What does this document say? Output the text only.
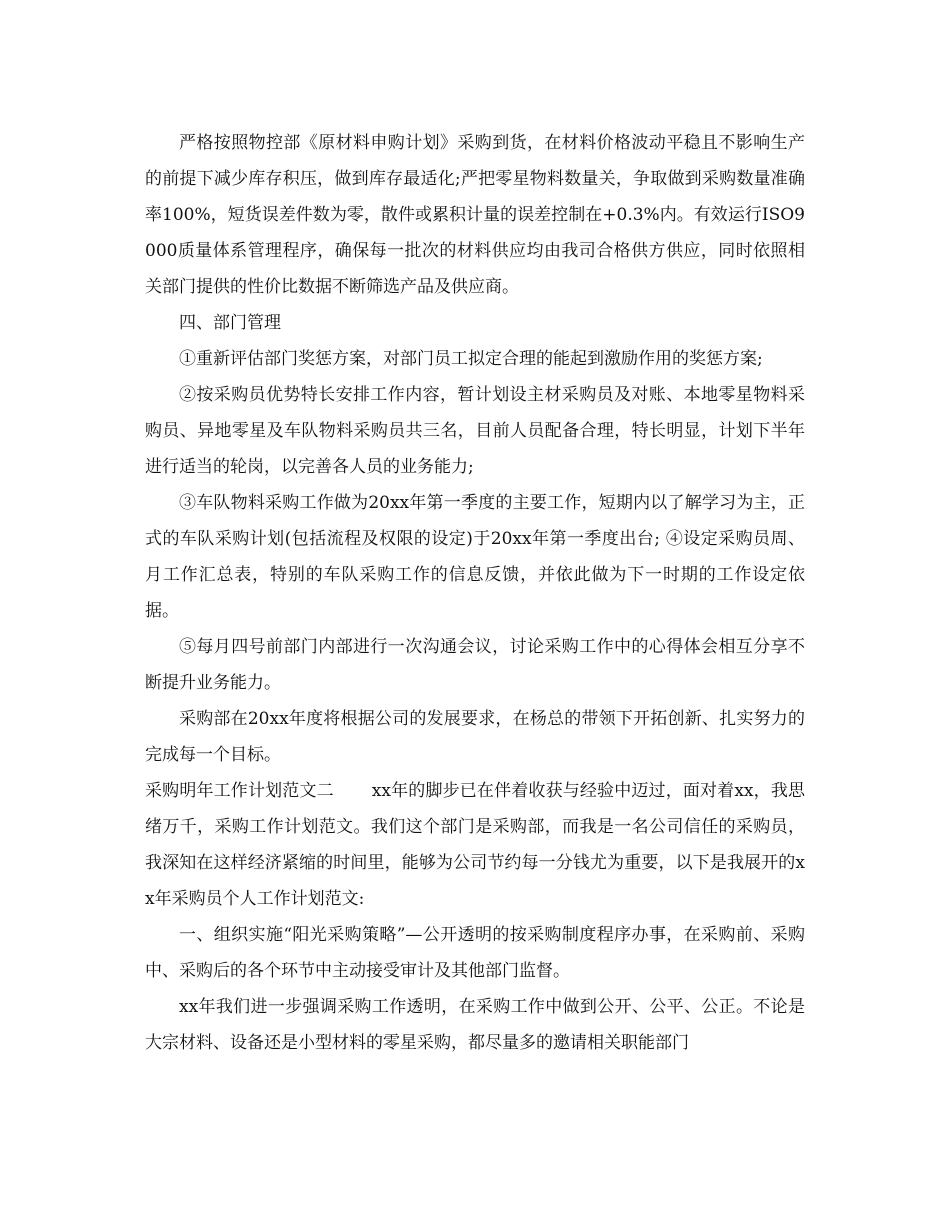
严格按照物控部《原材料申购计划》采购到货，在材料价格波动平稳且不影响生产的前提下减少库存积压，做到库存最适化;严把零星物料数量关，争取做到采购数量准确率100%，短货误差件数为零，散件或累积计量的误差控制在+0.3%内。有效运行ISO9000质量体系管理程序，确保每一批次的材料供应均由我司合格供方供应，同时依照相关部门提供的性价比数据不断筛选产品及供应商。

四、部门管理

①重新评估部门奖惩方案，对部门员工拟定合理的能起到激励作用的奖惩方案;

②按采购员优势特长安排工作内容，暂计划设主材采购员及对账、本地零星物料采购员、异地零星及车队物料采购员共三名，目前人员配备合理，特长明显，计划下半年进行适当的轮岗，以完善各人员的业务能力;

③车队物料采购工作做为20xx年第一季度的主要工作，短期内以了解学习为主，正式的车队采购计划(包括流程及权限的设定)于20xx年第一季度出台; ④设定采购员周、月工作汇总表，特别的车队采购工作的信息反馈，并依此做为下一时期的工作设定依据。

⑤每月四号前部门内部进行一次沟通会议，讨论采购工作中的心得体会相互分享不断提升业务能力。

采购部在20xx年度将根据公司的发展要求，在杨总的带领下开拓创新、扎实努力的完成每一个目标。

采购明年工作计划范文二 xx年的脚步已在伴着收获与经验中迈过，面对着xx，我思绪万千，采购工作计划范文。我们这个部门是采购部，而我是一名公司信任的采购员，我深知在这样经济紧缩的时间里，能够为公司节约每一分钱尤为重要，以下是我展开的xx年采购员个人工作计划范文:

一、组织实施“阳光采购策略”—公开透明的按采购制度程序办事，在采购前、采购中、采购后的各个环节中主动接受审计及其他部门监督。

xx年我们进一步强调采购工作透明，在采购工作中做到公开、公平、公正。不论是大宗材料、设备还是小型材料的零星采购，都尽量多的邀请相关职能部门
